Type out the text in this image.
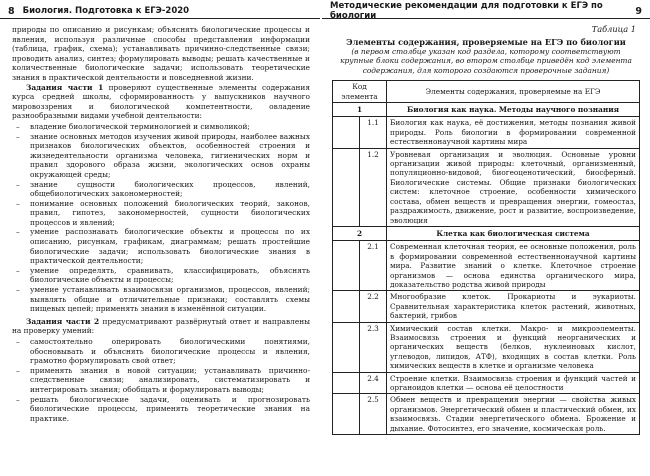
8 Биология. Подготовка к ЕГЭ-2020

природы по описанию и рисункам; объяснять биологические процессы и явления, используя различные способы представления информации (таблица, график, схема); устанавливать причинно-следственные связи; проводить анализ, синтез; формулировать выводы; решать качественные и количественные биологические задачи; использовать теоретические знания в практической деятельности и повседневной жизни.

Задания части 1 проверяют существенные элементы содержания курса средней школы, сформированность у выпускников научного мировоззрения и биологической компетентности, овладение разнообразными видами учебной деятельности:

– владение биологической терминологией и символикой;
– знание основных методов изучения живой природы, наиболее важных признаков биологических объектов, особенностей строения и жизнедеятельности организма человека, гигиенических норм и правил здорового образа жизни, экологических основ охраны окружающей среды;
– знание сущности биологических процессов, явлений, общебиологических закономерностей;
– понимание основных положений биологических теорий, законов, правил, гипотез, закономерностей, сущности биологических процессов и явлений;
– умение распознавать биологические объекты и процессы по их описанию, рисункам, графикам, диаграммам; решать простейшие биологические задачи; использовать биологические знания в практической деятельности;
– умение определять, сравнивать, классифицировать, объяснять биологические объекты и процессы;
– умение устанавливать взаимосвязи организмов, процессов, явлений; выявлять общие и отличительные признаки; составлять схемы пищевых цепей; применять знания в изменённой ситуации.

Задания части 2 предусматривают развёрнутый ответ и направлены на проверку умений:

– самостоятельно оперировать биологическими понятиями, обосновывать и объяснять биологические процессы и явления, грамотно формулировать свой ответ;
– применять знания в новой ситуации; устанавливать причинно-следственные связи; анализировать, систематизировать и интегрировать знания; обобщать и формулировать выводы;
– решать биологические задачи, оценивать и прогнозировать биологические процессы, применять теоретические знания на практике.
Методические рекомендации для подготовки к ЕГЭ по биологии	9
Таблица 1
Элементы содержания, проверяемые на ЕГЭ по биологии
(в первом столбце указан код раздела, которому соответствуют крупные блоки содержания, во втором столбце приведён код элемента содержания, для которого создаются проверочные задания)
Код элемента		Элементы содержания, проверяемые на ЕГЭ
1		Биология как наука. Методы научного познания
	1.1	Биология как наука, её достижения, методы познания живой природы. Роль биологии в формировании современной естественнонаучной картины мира
	1.2	Уровневая организация и эволюция. Основные уровни организации живой природы: клеточный, организменный, популяционно-видовой, биогеоценотический, биосферный. Биологические системы. Общие признаки биологических систем: клеточное строение, особенности химического состава, обмен веществ и превращения энергии, гомеостаз, раздражимость, движение, рост и развитие, воспроизведение, эволюция
2		Клетка как биологическая система
	2.1	Современная клеточная теория, ее основные положения, роль в формировании современной естественнонаучной картины мира. Развитие знаний о клетке. Клеточное строение организмов — основа единства органического мира, доказательство родства живой природы
	2.2	Многообразие клеток. Прокариоты и эукариоты. Сравнительная характеристика клеток растений, животных, бактерий, грибов
	2.3	Химический состав клетки. Макро- и микроэлементы. Взаимосвязь строения и функций неорганических и органических веществ (белков, нуклеиновых кислот, углеводов, липидов, АТФ), входящих в состав клетки. Роль химических веществ в клетке и организме человека
	2.4	Строение клетки. Взаимосвязь строения и функций частей и органоидов клетки — основа её целостности
	2.5	Обмен веществ и превращения энергии — свойства живых организмов. Энергетический обмен и пластический обмен, их взаимосвязь. Стадии энергетического обмена. Брожение и дыхание. Фотосинтез, его значение, космическая роль.
